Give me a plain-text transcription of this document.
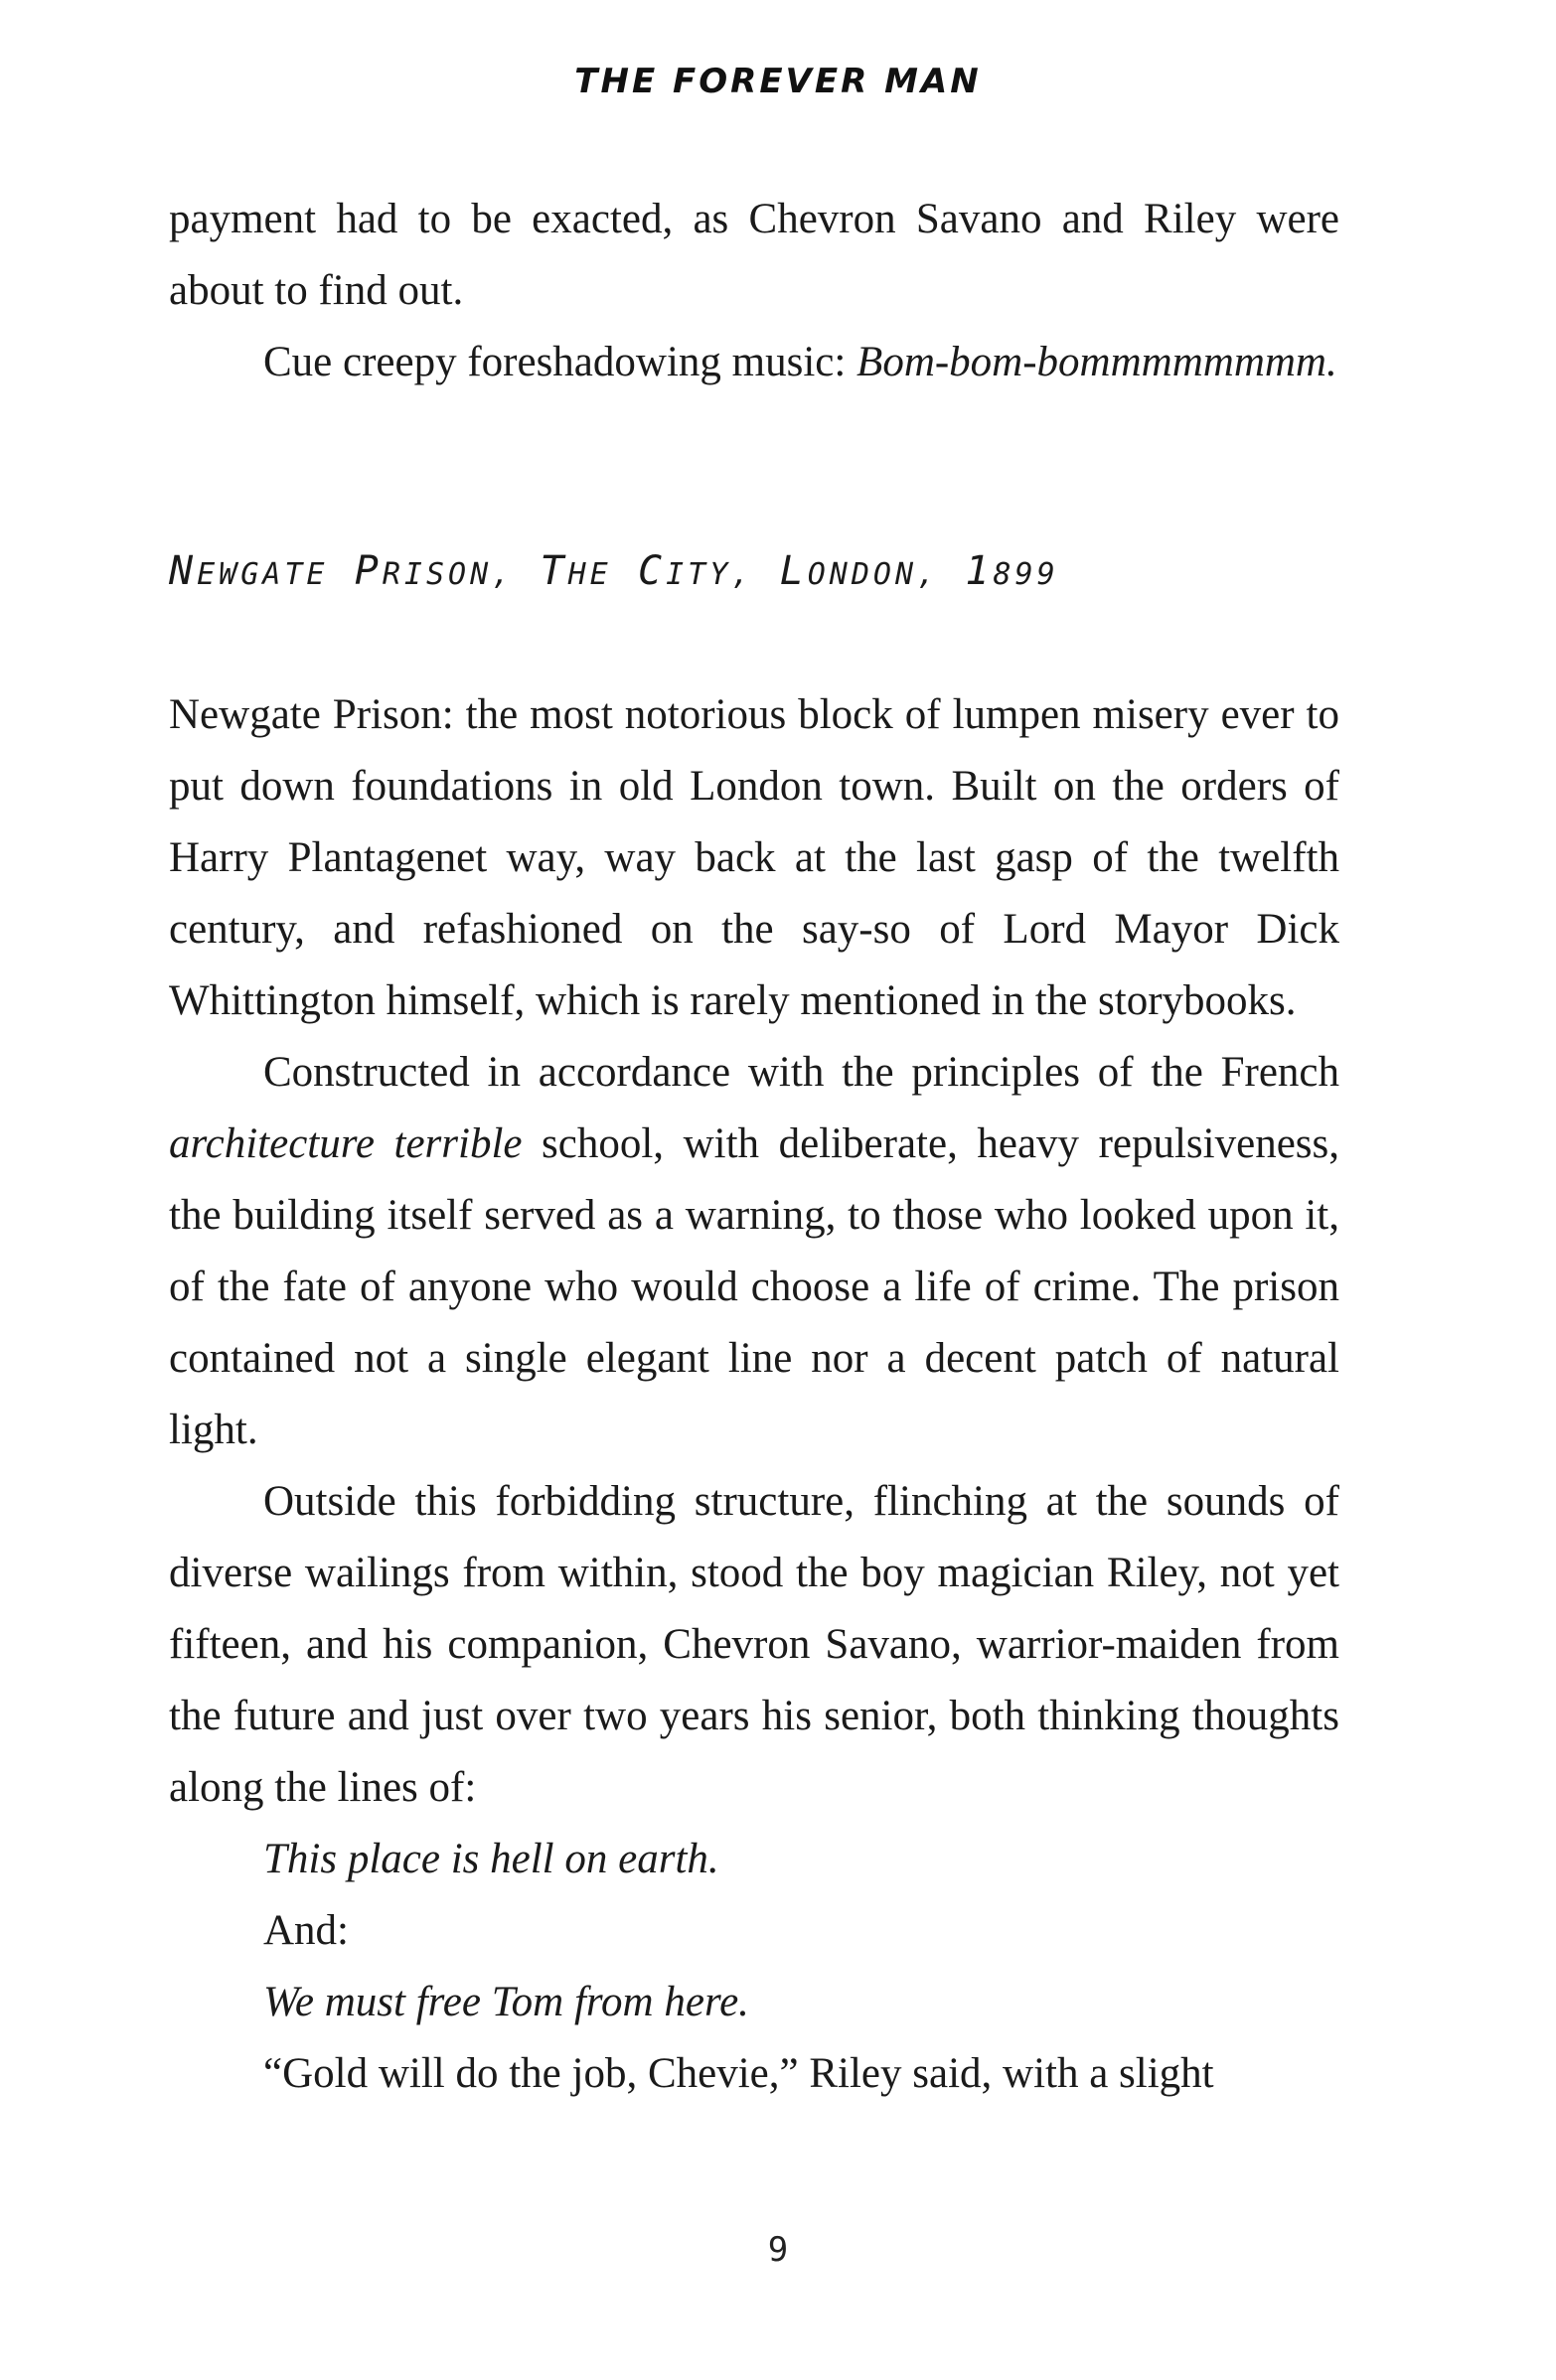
THE FOREVER MAN

payment had to be exacted, as Chevron Savano and Riley were about to find out.

Cue creepy foreshadowing music: Bom-bom-bommmmmmmm.

NEWGATE PRISON, THE CITY, LONDON, 1899

Newgate Prison: the most notorious block of lumpen misery ever to put down foundations in old London town. Built on the orders of Harry Plantagenet way, way back at the last gasp of the twelfth century, and refashioned on the say-so of Lord Mayor Dick Whittington himself, which is rarely mentioned in the storybooks.

Constructed in accordance with the principles of the French architecture terrible school, with deliberate, heavy repulsiveness, the building itself served as a warning, to those who looked upon it, of the fate of anyone who would choose a life of crime. The prison contained not a single elegant line nor a decent patch of natural light.

Outside this forbidding structure, flinching at the sounds of diverse wailings from within, stood the boy magician Riley, not yet fifteen, and his companion, Chevron Savano, warrior-maiden from the future and just over two years his senior, both thinking thoughts along the lines of:

This place is hell on earth.

And:

We must free Tom from here.

“Gold will do the job, Chevie,” Riley said, with a slight

9
